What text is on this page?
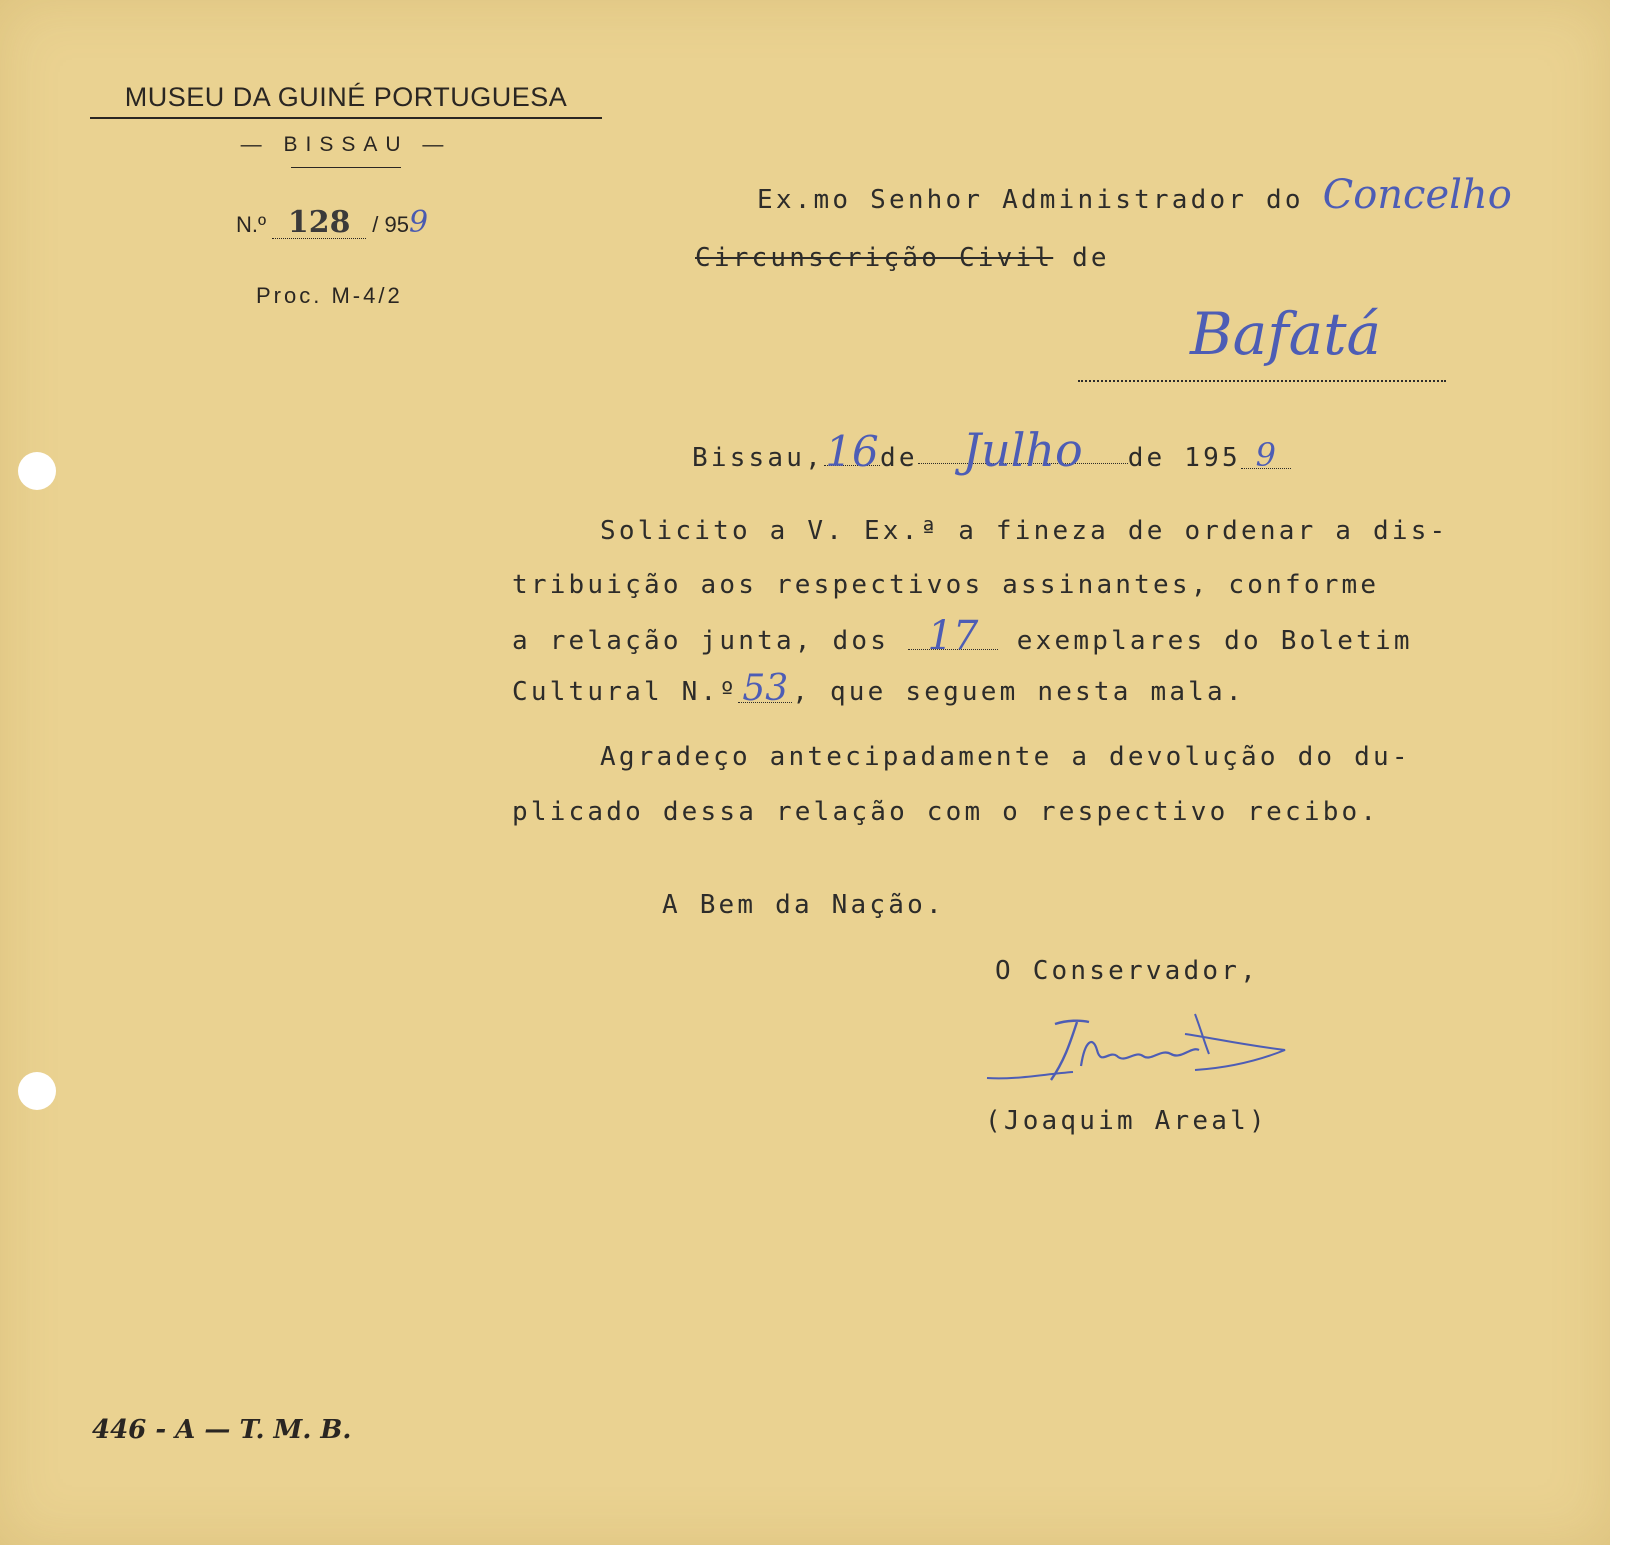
MUSEU DA GUINÉ PORTUGUESA
— BISSAU —
N.º 128 / 959
Proc. M-4/2
Ex.mo Senhor Administrador do Concelho
Circunscrição Civil de
Bafatá
Bissau,16de Julho de 195 9
Solicito a V. Ex.ª a fineza de ordenar a dis-
tribuição aos respectivos assinantes, conforme
a relação junta, dos 17 exemplares do Boletim
Cultural N.º 53 , que seguem nesta mala.
Agradeço antecipadamente a devolução do du-
plicado dessa relação com o respectivo recibo.
A Bem da Nação.
O Conservador,
(Joaquim Areal)
446 - A — T. M. B.
